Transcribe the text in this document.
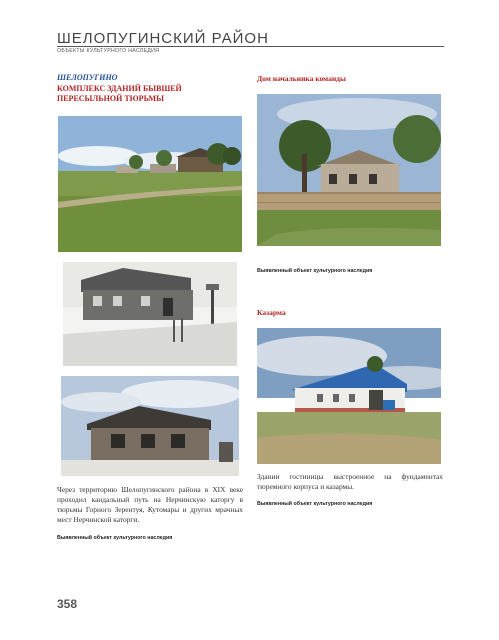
ШЕЛОПУГИНСКИЙ РАЙОН
ОБЪЕКТЫ КУЛЬТУРНОГО НАСЛЕДИЯ
ШЕЛОПУГИНО
КОМПЛЕКС ЗДАНИЙ БЫВШЕЙ ПЕРЕСЫЛЬНОЙ ТЮРЬМЫ
Через территорию Шелопугинского района в XIX веке проходил кандальный путь на Нерчинскую каторгу в тюрьмы Горного Зерентуя, Кутомары и других мрачных мест Нерчинской каторги.
Выявленный объект культурного наследия
Дом начальника команды
Выявленный объект культурного наследия
Казарма
Здании гостиницы выстроенное на фундаментах тюремного корпуса и казармы.
Выявленный объект культурного наследия
358
